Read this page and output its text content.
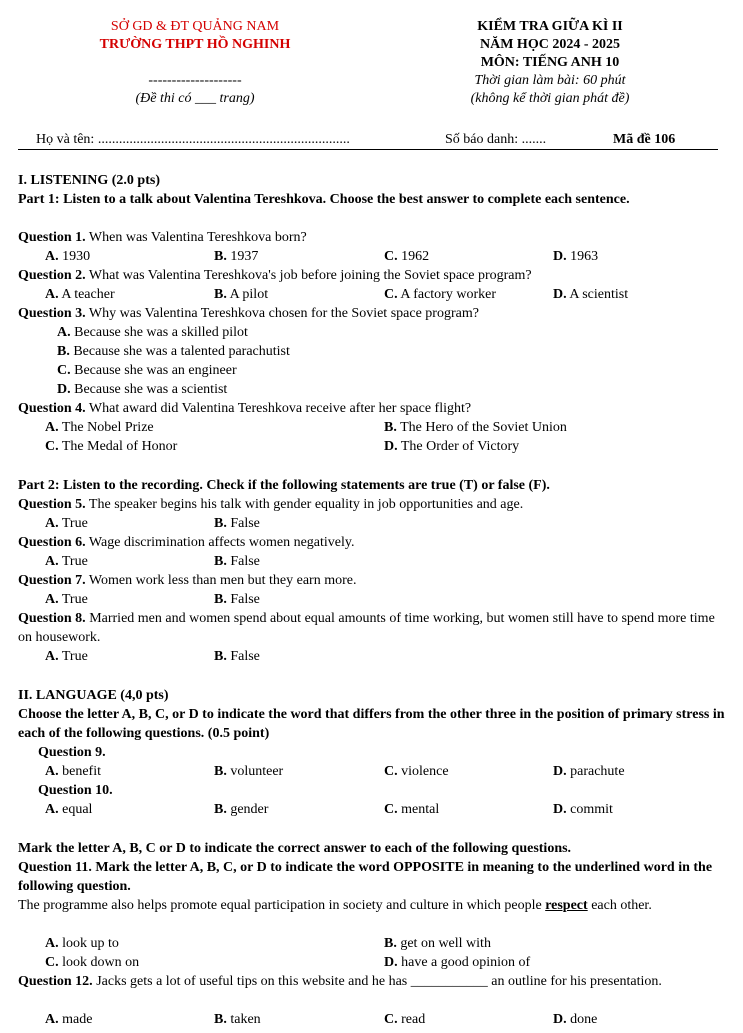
SỞ GD & ĐT QUẢNG NAM
TRƯỜNG THPT HỒ NGHINH
--------------------
(Đề thi có ___ trang)
KIỂM TRA GIỮA KÌ II
NĂM HỌC 2024 - 2025
MÔN: TIẾNG ANH 10
Thời gian làm bài: 60 phút
(không kể thời gian phát đề)
Họ và tên: ........................................................................	Số báo danh: .......	Mã đề 106
I. LISTENING (2.0 pts)
Part 1: Listen to a talk about Valentina Tereshkova. Choose the best answer to complete each sentence.
Question 1. When was Valentina Tereshkova born?
A. 1930	B. 1937	C. 1962	D. 1963
Question 2. What was Valentina Tereshkova's job before joining the Soviet space program?
A. A teacher	B. A pilot	C. A factory worker	D. A scientist
Question 3. Why was Valentina Tereshkova chosen for the Soviet space program?
A. Because she was a skilled pilot
B. Because she was a talented parachutist
C. Because she was an engineer
D. Because she was a scientist
Question 4. What award did Valentina Tereshkova receive after her space flight?
A. The Nobel Prize	B. The Hero of the Soviet Union
C. The Medal of Honor	D. The Order of Victory
Part 2: Listen to the recording. Check if the following statements are true (T) or false (F).
Question 5. The speaker begins his talk with gender equality in job opportunities and age.
A. True	B. False
Question 6. Wage discrimination affects women negatively.
A. True	B. False
Question 7. Women work less than men but they earn more.
A. True	B. False
Question 8. Married men and women spend about equal amounts of time working, but women still have to spend more time on housework.
A. True	B. False
II. LANGUAGE (4,0 pts)
Choose the letter A, B, C, or D to indicate the word that differs from the other three in the position of primary stress in each of the following questions. (0.5 point)
Question 9.
A. benefit	B. volunteer	C. violence	D. parachute
Question 10.
A. equal	B. gender	C. mental	D. commit
Mark the letter A, B, C or D to indicate the correct answer to each of the following questions.
Question 11. Mark the letter A, B, C, or D to indicate the word OPPOSITE in meaning to the underlined word in the following question.
The programme also helps promote equal participation in society and culture in which people respect each other.
A. look up to	B. get on well with
C. look down on	D. have a good opinion of
Question 12. Jacks gets a lot of useful tips on this website and he has ___________ an outline for his presentation.
A. made	B. taken	C. read	D. done
